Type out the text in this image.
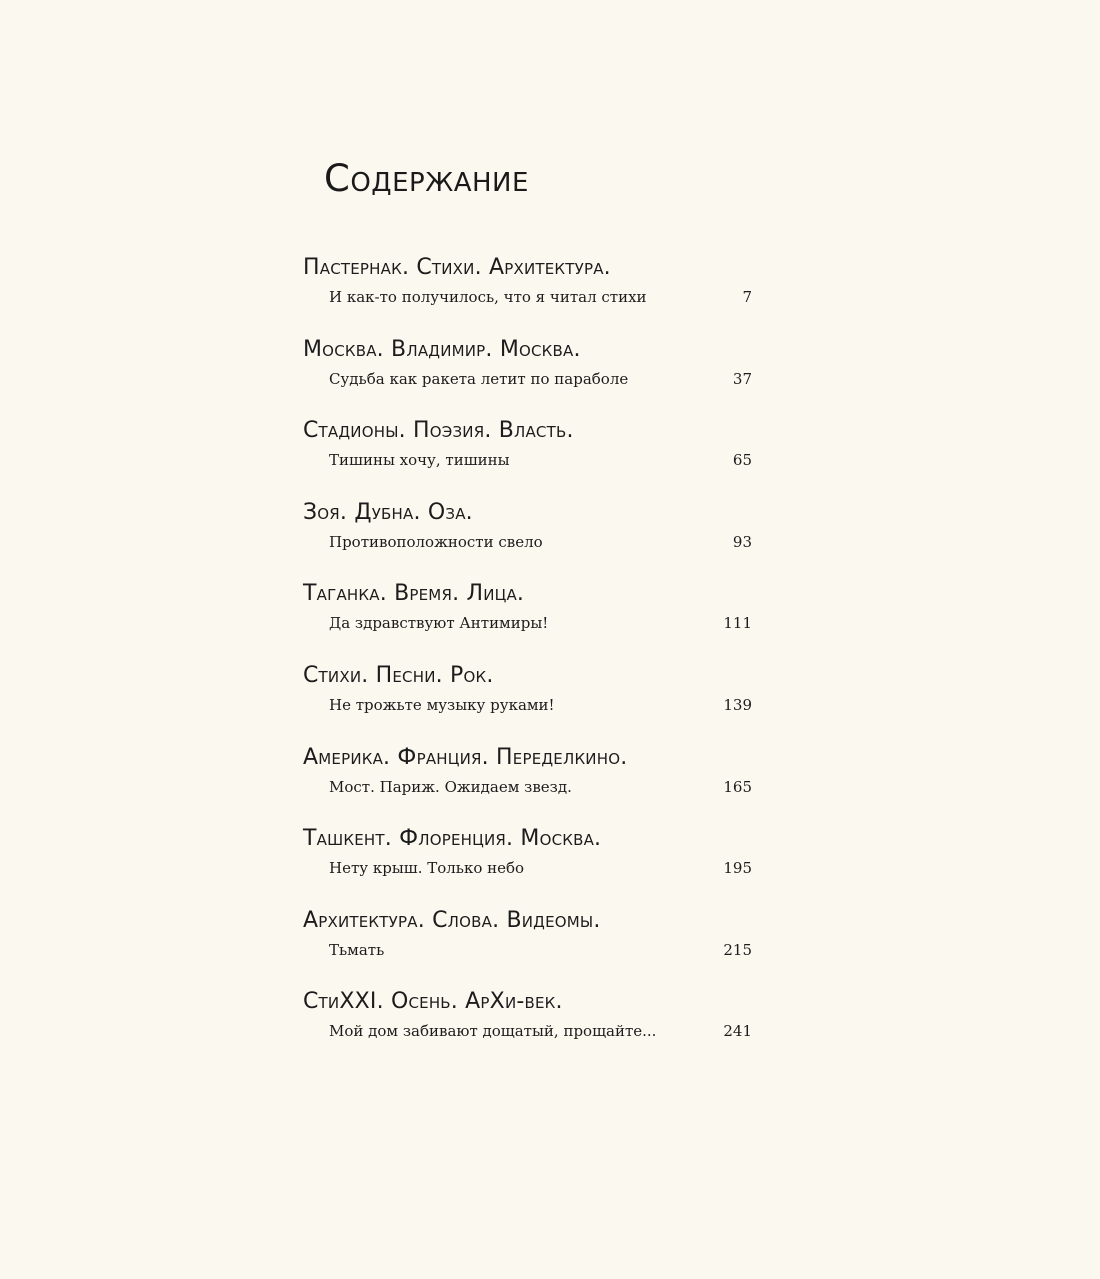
Содержание
Пастернак. Стихи. Архитектура.
И как-то получилось, что я читал стихи	7
Москва. Владимир. Москва.
Судьба как ракета летит по параболе	37
Стадионы. Поэзия. Власть.
Тишины хочу, тишины	65
Зоя. Дубна. Оза.
Противоположности свело	93
Таганка. Время. Лица.
Да здравствуют Антимиры!	111
Стихи. Песни. Рок.
Не трожьте музыку руками!	139
Америка. Франция. Переделкино.
Мост. Париж. Ожидаем звезд.	165
Ташкент. Флоренция. Москва.
Нету крыш. Только небо	195
Архитектура. Слова. Видеомы.
Тьмать	215
СтиXXI. Осень. АрХи-век.
Мой дом забивают дощатый, прощайте...	241
